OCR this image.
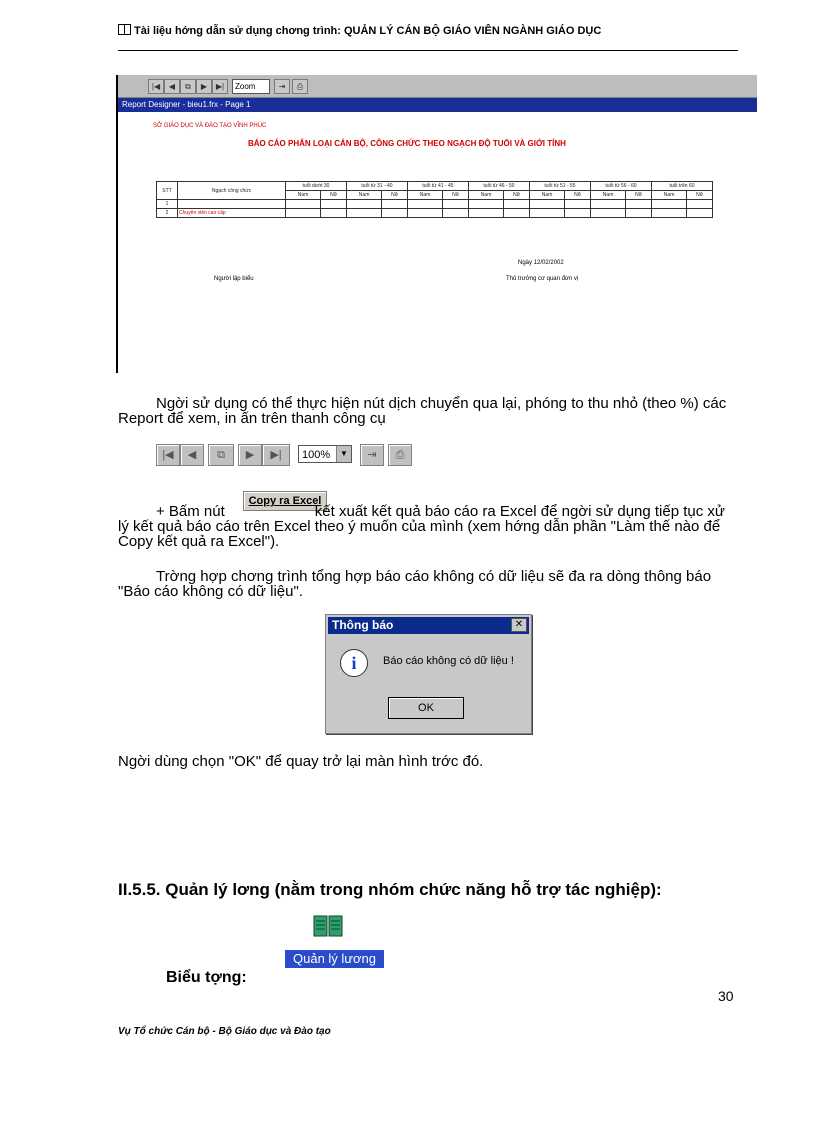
Tài liệu hớng dẫn sử dụng chơng trình: QUẢN LÝ CÁN BỘ GIÁO VIÊN NGÀNH GIÁO DỤC
|◀	◀	⧉	▶	▶|	Zoom	⇥	⎙
Report Designer - bieu1.frx - Page 1
SỞ GIÁO DỤC VÀ ĐÀO TẠO VĨNH PHÚC
BÁO CÁO PHÂN LOẠI CÁN BỘ, CÔNG CHỨC THEO NGẠCH ĐỘ TUỔI VÀ GIỚI TÍNH
STT	Ngạch công chức	tuổi dưới 30		tuổi từ 31 - 40		tuổi từ 41 - 45		tuổi từ 46 - 50		tuổi từ 51 - 55		tuổi từ 56 - 60		tuổi trên 60	
		Nam	Nữ	Nam	Nữ	Nam	Nữ	Nam	Nữ	Nam	Nữ	Nam	Nữ	Nam	Nữ
1															
2	Chuyên viên cao cấp														
Ngày 12/02/2002
Người lập biểu	Thủ trưởng cơ quan đơn vị
Ngời sử dụng có thể thực hiện nút dịch chuyển qua lại, phóng to thu nhỏ (theo %) các Report để xem, in ấn trên thanh công cụ
|◀	◀	⧉	▶	▶|	100%	▼	⇥	⎙
Copy ra Excel
+ Bấm nút	kết xuất kết quả báo cáo ra Excel để ngời sử dụng tiếp tục xử lý kết quả báo cáo trên Excel theo ý muốn của mình (xem hớng dẫn phần "Làm thế nào để Copy kết quả ra Excel").
Trờng hợp chơng trình tổng hợp báo cáo không có dữ liệu sẽ đa ra dòng thông báo "Báo cáo không có dữ liệu".
Thông báo	✕
i	Báo cáo không có dữ liệu !
OK
Ngời dùng chọn "OK" để quay trở lại màn hình trớc đó.
II.5.5. Quản lý lơng (nằm trong nhóm chức năng hỗ trợ tác nghiệp):
Quản lý lương
Biểu tợng:
30
Vụ Tổ chức Cán bộ - Bộ Giáo dục và Đào tạo
